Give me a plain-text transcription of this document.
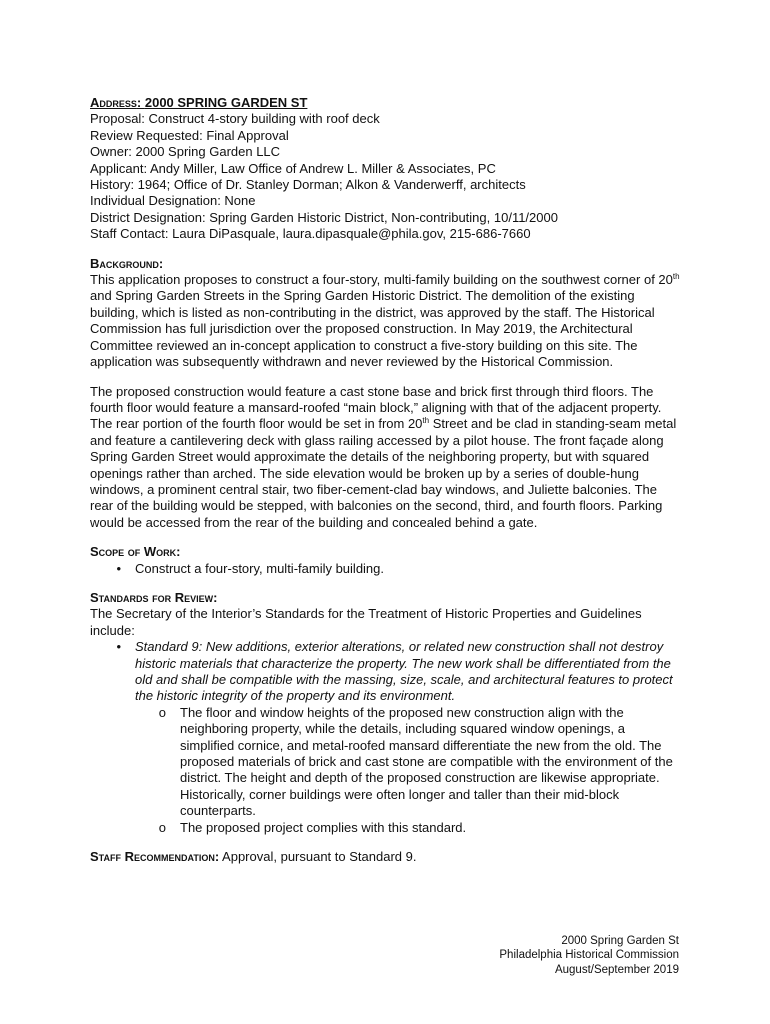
Address: 2000 SPRING GARDEN ST

Proposal: Construct 4-story building with roof deck

Review Requested: Final Approval

Owner: 2000 Spring Garden LLC

Applicant: Andy Miller, Law Office of Andrew L. Miller & Associates, PC

History: 1964; Office of Dr. Stanley Dorman; Alkon & Vanderwerff, architects

Individual Designation: None

District Designation: Spring Garden Historic District, Non-contributing, 10/11/2000

Staff Contact: Laura DiPasquale, laura.dipasquale@phila.gov, 215-686-7660

Background:

This application proposes to construct a four-story, multi-family building on the southwest corner of 20th and Spring Garden Streets in the Spring Garden Historic District. The demolition of the existing building, which is listed as non-contributing in the district, was approved by the staff. The Historical Commission has full jurisdiction over the proposed construction. In May 2019, the Architectural Committee reviewed an in-concept application to construct a five-story building on this site. The application was subsequently withdrawn and never reviewed by the Historical Commission.

The proposed construction would feature a cast stone base and brick first through third floors. The fourth floor would feature a mansard-roofed “main block,” aligning with that of the adjacent property. The rear portion of the fourth floor would be set in from 20th Street and be clad in standing-seam metal and feature a cantilevering deck with glass railing accessed by a pilot house. The front façade along Spring Garden Street would approximate the details of the neighboring property, but with squared openings rather than arched. The side elevation would be broken up by a series of double-hung windows, a prominent central stair, two fiber-cement-clad bay windows, and Juliette balconies. The rear of the building would be stepped, with balconies on the second, third, and fourth floors. Parking would be accessed from the rear of the building and concealed behind a gate.

Scope of Work:

•	Construct a four-story, multi-family building.

Standards for Review:

The Secretary of the Interior’s Standards for the Treatment of Historic Properties and Guidelines include:

•	Standard 9: New additions, exterior alterations, or related new construction shall not destroy historic materials that characterize the property. The new work shall be differentiated from the old and shall be compatible with the massing, size, scale, and architectural features to protect the historic integrity of the property and its environment.
o	The floor and window heights of the proposed new construction align with the neighboring property, while the details, including squared window openings, a simplified cornice, and metal-roofed mansard differentiate the new from the old. The proposed materials of brick and cast stone are compatible with the environment of the district. The height and depth of the proposed construction are likewise appropriate. Historically, corner buildings were often longer and taller than their mid-block counterparts.
o	The proposed project complies with this standard.

Staff Recommendation: Approval, pursuant to Standard 9.

2000 Spring Garden St
Philadelphia Historical Commission
August/September 2019
